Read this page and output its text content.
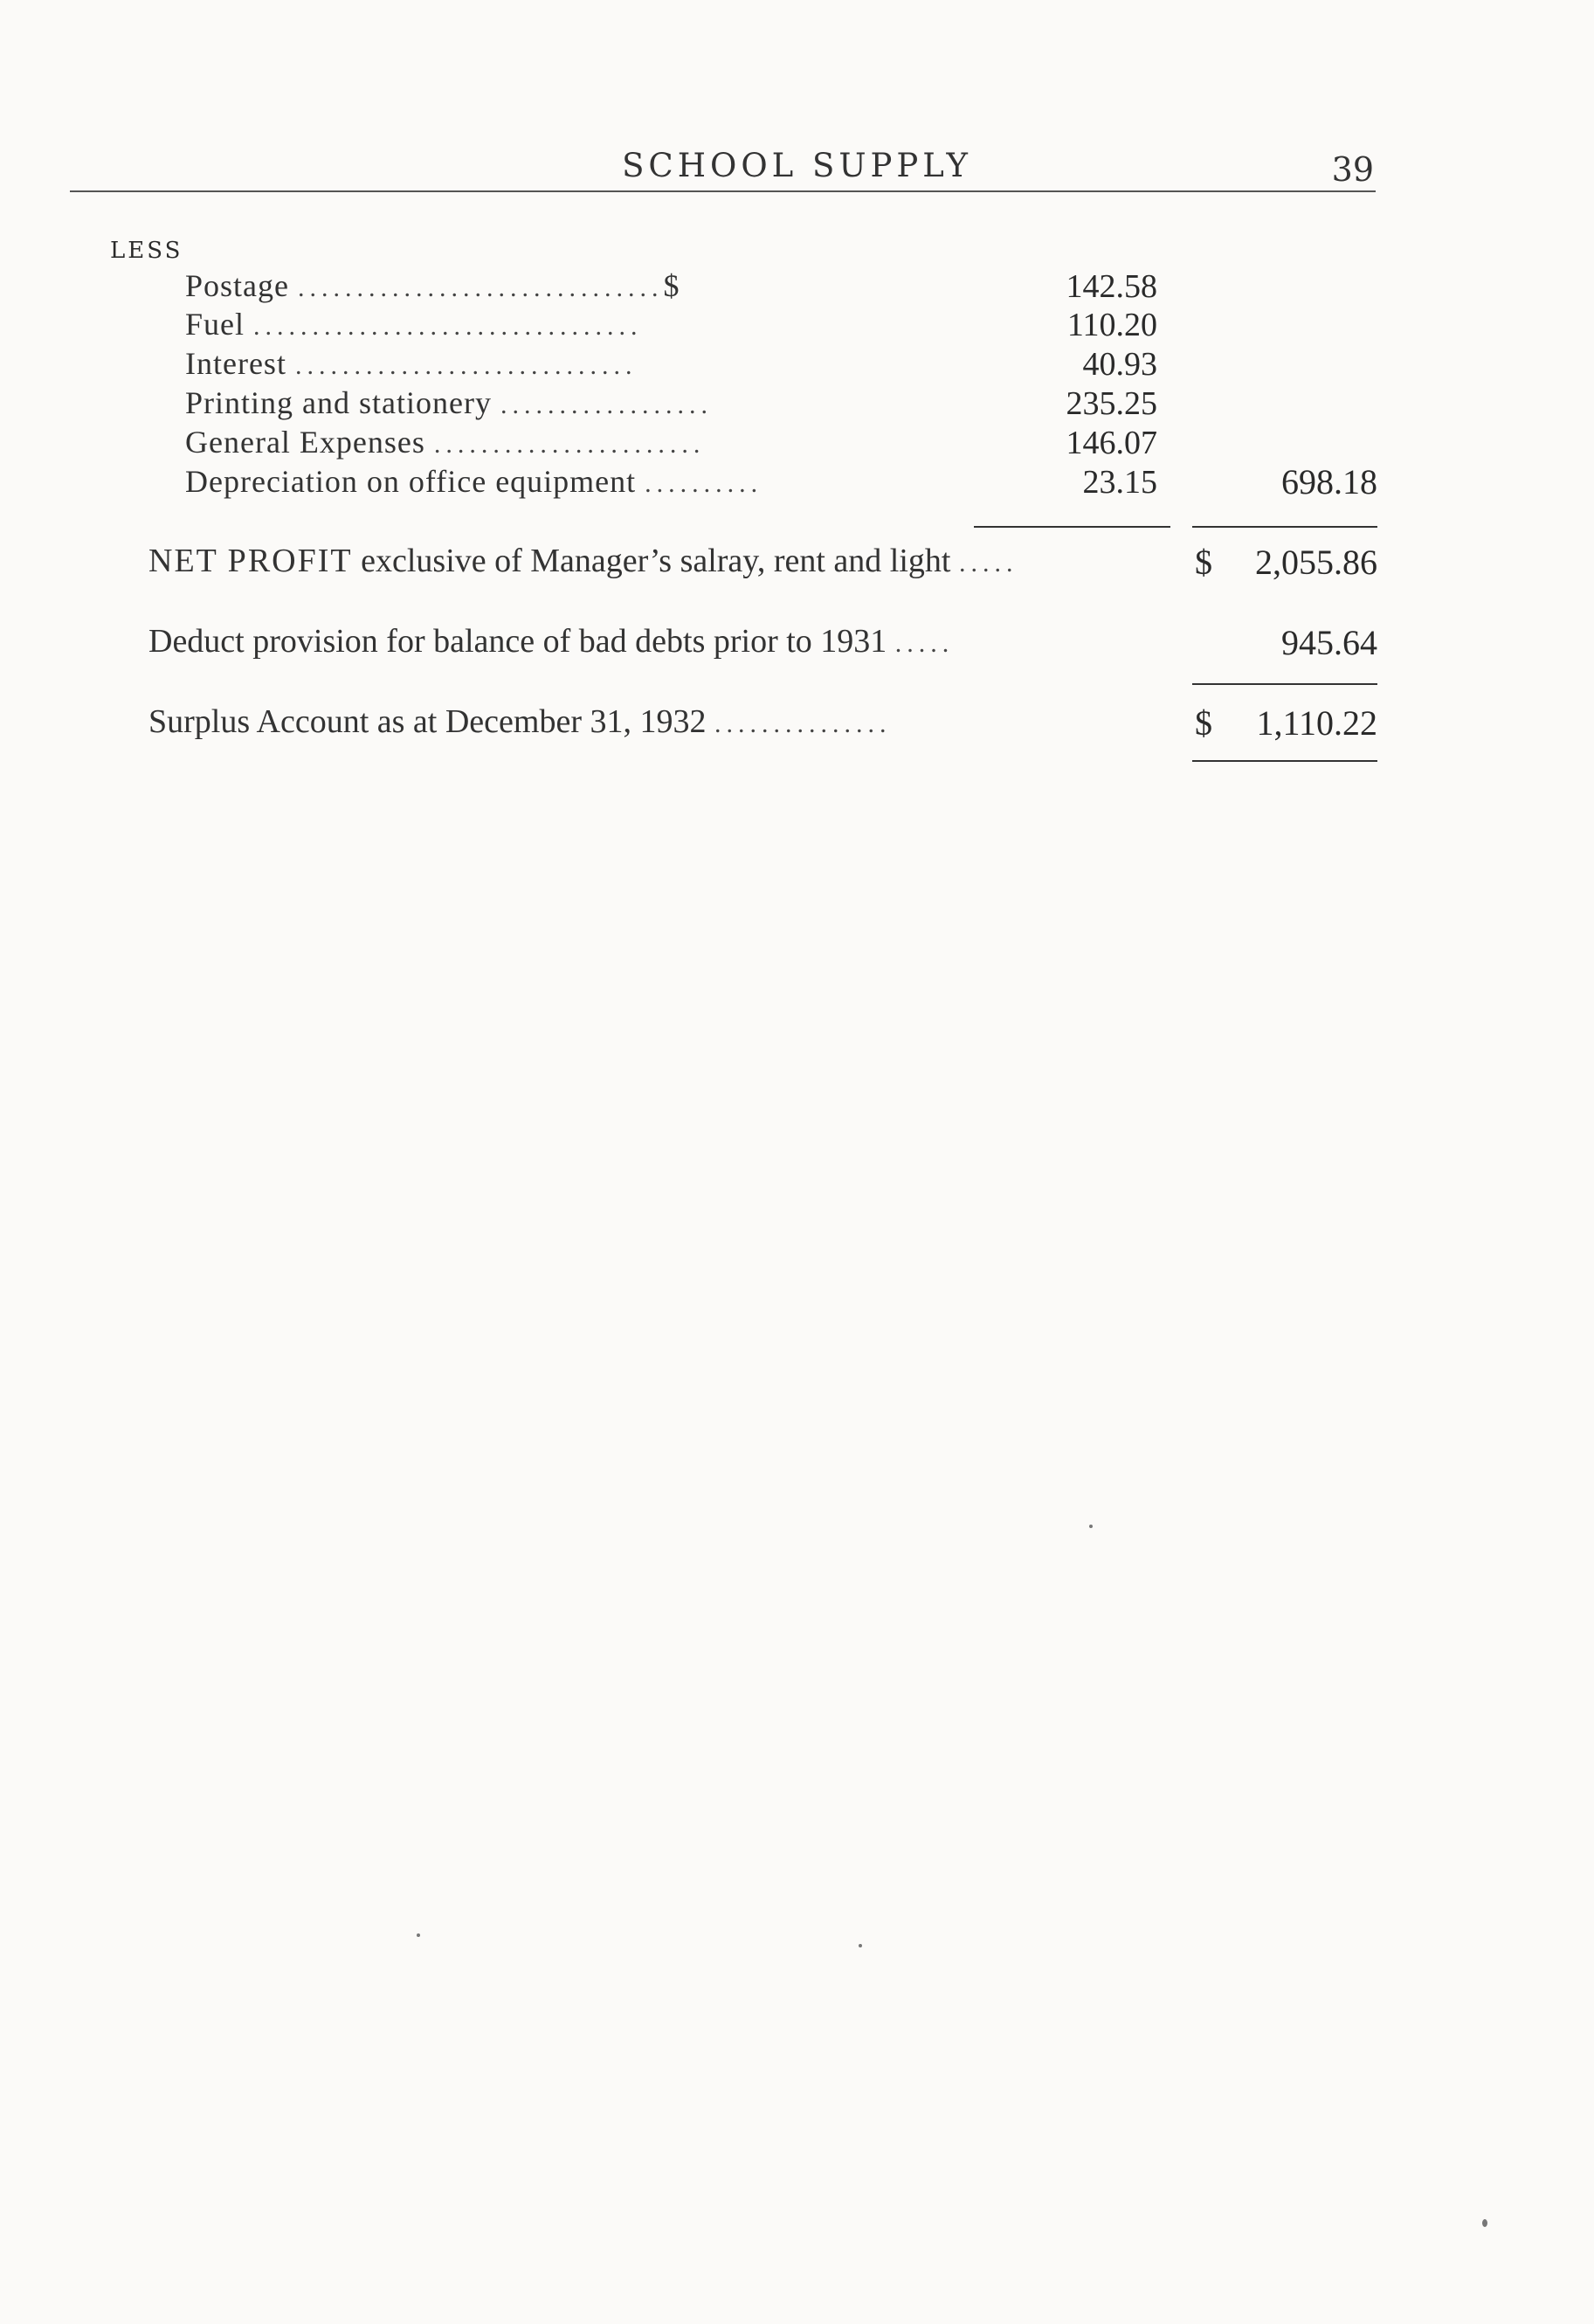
SCHOOL SUPPLY	39
LESS
Postage ...............................$	142.58
Fuel .................................	110.20
Interest .............................	40.93
Printing and stationery ..................	235.25
General Expenses .......................	146.07
Depreciation on office equipment ..........	23.15	698.18
NET PROFIT exclusive of Manager’s salray, rent and light .....	$ 2,055.86
Deduct provision for balance of bad debts prior to 1931 .....	945.64
Surplus Account as at December 31, 1932 ...............	$ 1,110.22
